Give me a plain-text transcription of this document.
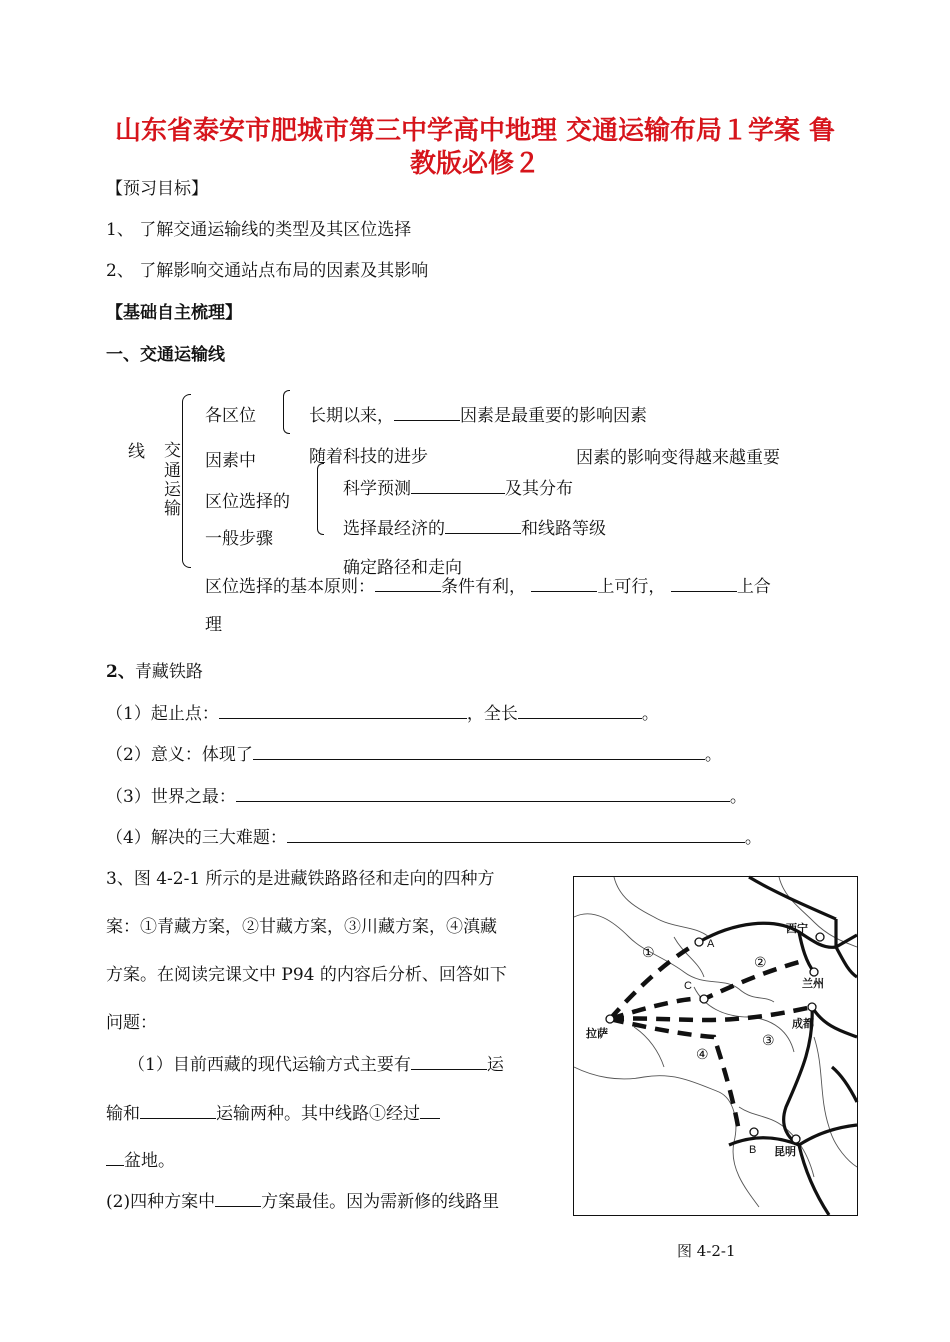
山东省泰安市肥城市第三中学高中地理 交通运输布局１学案 鲁
教版必修２
【预习目标】
1、 了解交通运输线的类型及其区位选择
2、 了解影响交通站点布局的因素及其影响
【基础自主梳理】
一、交通运输线
线 交
通
运
输
各区位
因素中
长期以来，	因素是最重要的影响因素
随着科技的进步	因素的影响变得越来越重要
区位选择的
一般步骤
科学预测	及其分布
选择最经济的	和线路等级
确定路径和走向
区位选择的基本原则：	条件有利，	上可行，	上合
理
2、青藏铁路
（1）起止点：	，全长	。
（2）意义：体现了	。
（3）世界之最：	。
（4）解决的三大难题：	。
3、图 4-2-1 所示的是进藏铁路路径和走向的四种方
案：①青藏方案，②甘藏方案，③川藏方案，④滇藏
方案。在阅读完课文中 P94 的内容后分析、回答如下
问题：
（1）目前西藏的现代运输方式主要有	运
输和	运输两种。其中线路①经过
盆地。
(2)四种方案中	方案最佳。因为需新修的线路里
西宁
兰州
拉萨
成都
昆明
A
C
B
①
②
③
④
图 4-2-1
